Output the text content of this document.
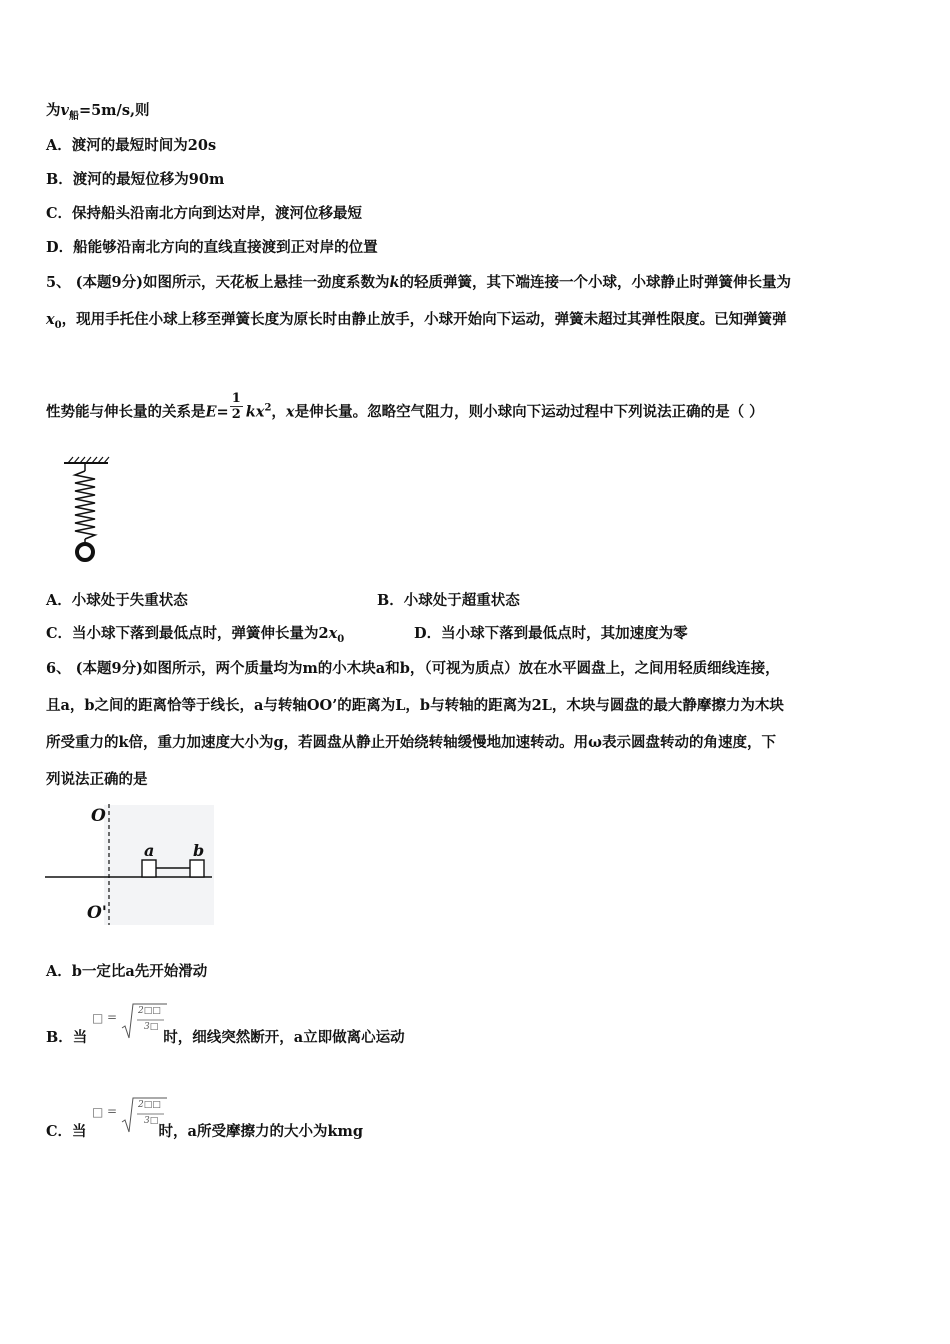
为$v_船=5m/s$,则
A．渡河的最短时间为20s
B．渡河的最短位移为90m
C．保持船头沿南北方向到达对岸，渡河位移最短
D．船能够沿南北方向的直线直接渡到正对岸的位置
5、 (本题9分)如图所示，天花板上悬挂一劲度系数为k的轻质弹簧，其下端连接一个小球，小球静止时弹簧伸长量为
$x_0$，现用手托住小球上移至弹簧长度为原长时由静止放手，小球开始向下运动，弹簧未超过其弹性限度。已知弹簧弹
性势能与伸长量的关系是$E= \frac{1}{2} kx^2$，x是伸长量。忽略空气阻力，则小球向下运动过程中下列说法正确的是（ ）
A．小球处于失重状态	B．小球处于超重状态
C．当小球下落到最低点时，弹簧伸长量为$2x_0$	D．当小球下落到最低点时，其加速度为零
6、 (本题9分)如图所示，两个质量均为m的小木块a和b，（可视为质点）放在水平圆盘上，之间用轻质细线连接，
且a，b之间的距离恰等于线长，a与转轴OO’的距离为L，b与转轴的距离为2L，木块与圆盘的最大静摩擦力为木块
所受重力的k倍，重力加速度大小为g，若圆盘从静止开始绕转轴缓慢地加速转动。用ω表示圆盘转动的角速度，下
列说法正确的是
O
O'
a b
A．b一定比a先开始滑动
B．当	时，细线突然断开，a立即做离心运动
□ = 2□□
3□
C．当	时，a所受摩擦力的大小为kmg
□ = 2□□
3□
